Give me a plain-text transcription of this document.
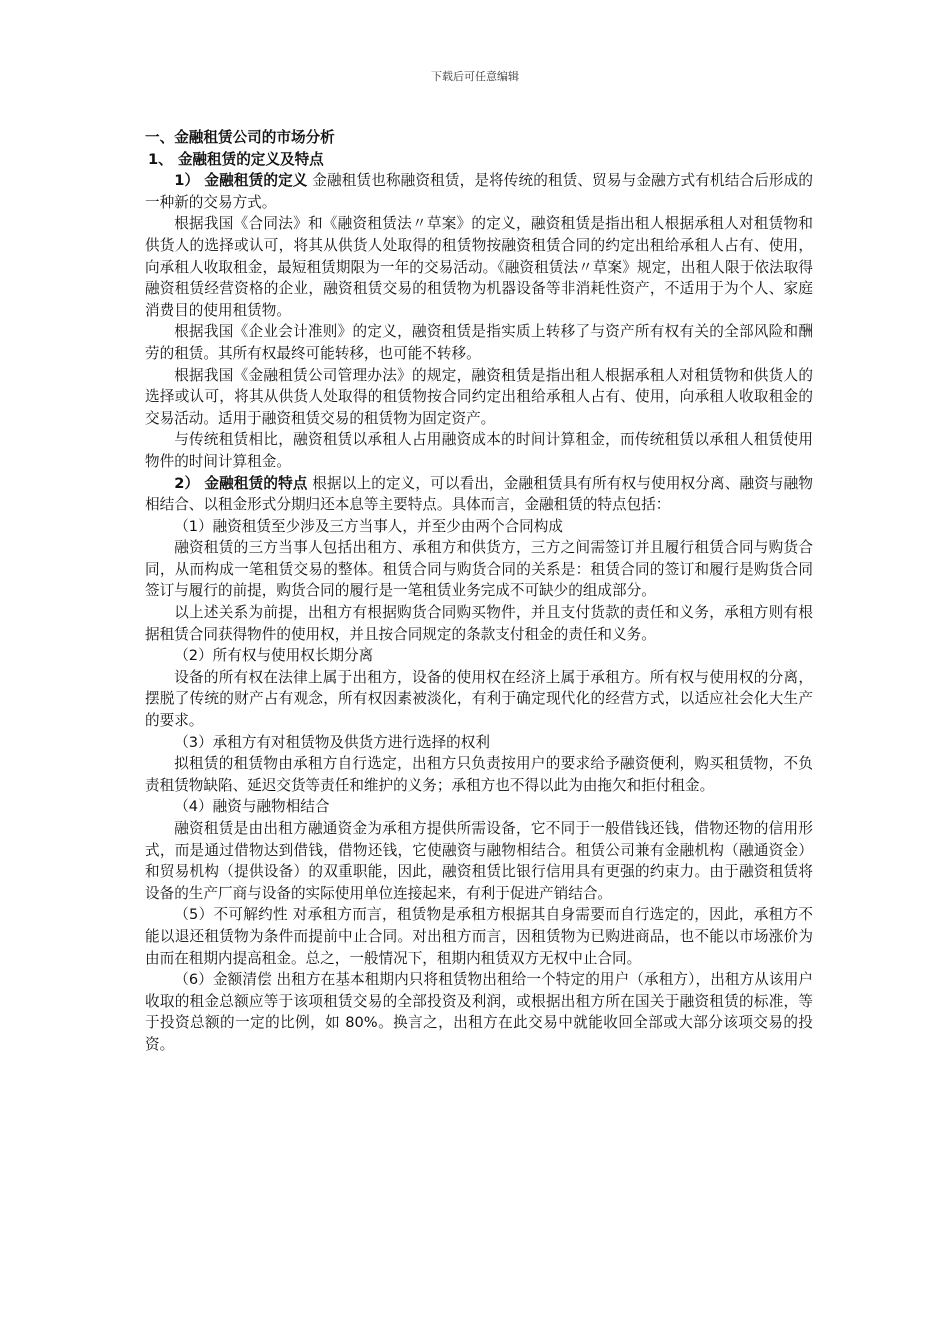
下载后可任意编辑

一、金融租赁公司的市场分析

1、 金融租赁的定义及特点

1） 金融租赁的定义 金融租赁也称融资租赁，是将传统的租赁、贸易与金融方式有机结合后形成的一种新的交易方式。

根据我国《合同法》和《融资租赁法〃草案》的定义，融资租赁是指出租人根据承租人对租赁物和供货人的选择或认可，将其从供货人处取得的租赁物按融资租赁合同的约定出租给承租人占有、使用，向承租人收取租金，最短租赁期限为一年的交易活动。《融资租赁法〃草案》规定，出租人限于依法取得融资租赁经营资格的企业，融资租赁交易的租赁物为机器设备等非消耗性资产，不适用于为个人、家庭消费目的使用租赁物。

根据我国《企业会计准则》的定义，融资租赁是指实质上转移了与资产所有权有关的全部风险和酬劳的租赁。其所有权最终可能转移，也可能不转移。

根据我国《金融租赁公司管理办法》的规定，融资租赁是指出租人根据承租人对租赁物和供货人的选择或认可，将其从供货人处取得的租赁物按合同约定出租给承租人占有、使用，向承租人收取租金的交易活动。适用于融资租赁交易的租赁物为固定资产。

与传统租赁相比，融资租赁以承租人占用融资成本的时间计算租金，而传统租赁以承租人租赁使用物件的时间计算租金。

2） 金融租赁的特点 根据以上的定义，可以看出，金融租赁具有所有权与使用权分离、融资与融物相结合、以租金形式分期归还本息等主要特点。具体而言，金融租赁的特点包括：

（1）融资租赁至少涉及三方当事人，并至少由两个合同构成

融资租赁的三方当事人包括出租方、承租方和供货方，三方之间需签订并且履行租赁合同与购货合同，从而构成一笔租赁交易的整体。租赁合同与购货合同的关系是：租赁合同的签订和履行是购货合同签订与履行的前提，购货合同的履行是一笔租赁业务完成不可缺少的组成部分。

以上述关系为前提，出租方有根据购货合同购买物件，并且支付货款的责任和义务，承租方则有根据租赁合同获得物件的使用权，并且按合同规定的条款支付租金的责任和义务。

（2）所有权与使用权长期分离

设备的所有权在法律上属于出租方，设备的使用权在经济上属于承租方。所有权与使用权的分离，摆脱了传统的财产占有观念，所有权因素被淡化，有利于确定现代化的经营方式，以适应社会化大生产的要求。

（3）承租方有对租赁物及供货方进行选择的权利

拟租赁的租赁物由承租方自行选定，出租方只负责按用户的要求给予融资便利，购买租赁物，不负责租赁物缺陷、延迟交货等责任和维护的义务；承租方也不得以此为由拖欠和拒付租金。

（4）融资与融物相结合

融资租赁是由出租方融通资金为承租方提供所需设备，它不同于一般借钱还钱，借物还物的信用形式，而是通过借物达到借钱，借物还钱，它使融资与融物相结合。租赁公司兼有金融机构（融通资金）和贸易机构（提供设备）的双重职能，因此，融资租赁比银行信用具有更强的约束力。由于融资租赁将设备的生产厂商与设备的实际使用单位连接起来，有利于促进产销结合。

（5）不可解约性 对承租方而言，租赁物是承租方根据其自身需要而自行选定的，因此，承租方不能以退还租赁物为条件而提前中止合同。对出租方而言，因租赁物为已购进商品，也不能以市场涨价为由而在租期内提高租金。总之，一般情况下，租期内租赁双方无权中止合同。

（6）金额清偿 出租方在基本租期内只将租赁物出租给一个特定的用户（承租方），出租方从该用户收取的租金总额应等于该项租赁交易的全部投资及利润，或根据出租方所在国关于融资租赁的标准，等于投资总额的一定的比例，如 80%。换言之，出租方在此交易中就能收回全部或大部分该项交易的投资。
